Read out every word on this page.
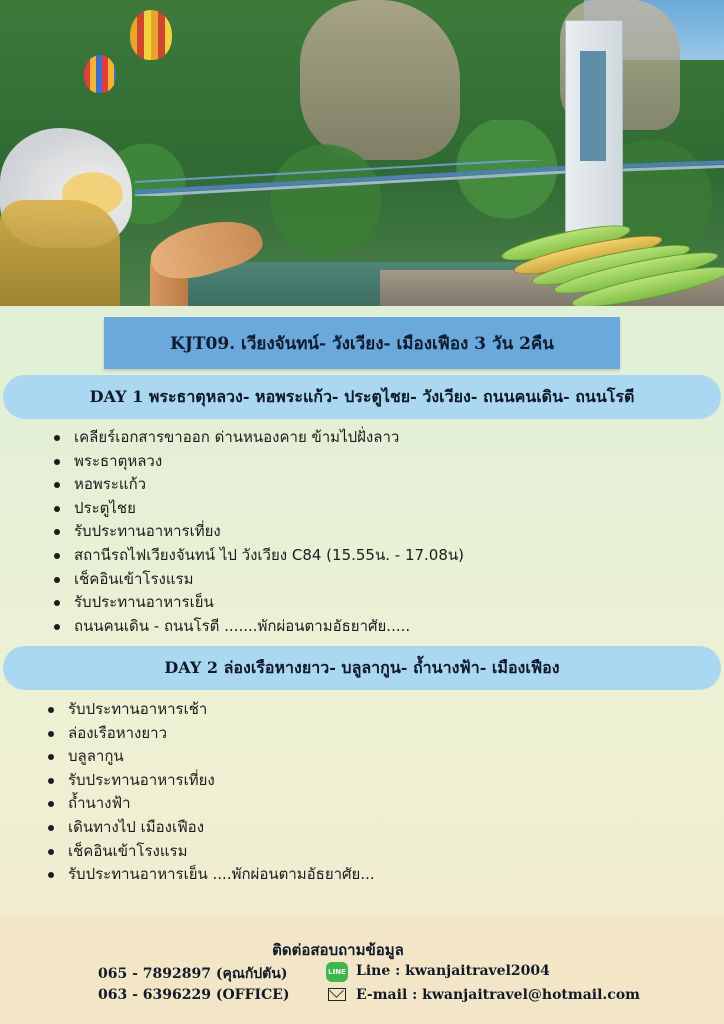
KJT09. เวียงจันทน์- วังเวียง- เมืองเฟือง 3 วัน 2คืน
DAY 1 พระธาตุหลวง- หอพระแก้ว- ประตูไชย- วังเวียง- ถนนคนเดิน- ถนนโรตี
เคลียร์เอกสารขาออก ด่านหนองคาย ข้ามไปฝั่งลาว
พระธาตุหลวง
หอพระแก้ว
ประตูไชย
รับประทานอาหารเที่ยง
สถานีรถไฟเวียงจันทน์ ไป วังเวียง C84 (15.55น. - 17.08น)
เช็คอินเข้าโรงแรม
รับประทานอาหารเย็น
ถนนคนเดิน - ถนนโรตี .......พักผ่อนตามอัธยาศัย.....
DAY 2 ล่องเรือหางยาว- บลูลากูน- ถ้ำนางฟ้า- เมืองเฟือง
รับประทานอาหารเช้า
ล่องเรือหางยาว
บลูลากูน
รับประทานอาหารเที่ยง
ถ้ำนางฟ้า
เดินทางไป เมืองเฟือง
เช็คอินเข้าโรงแรม
รับประทานอาหารเย็น ....พักผ่อนตามอัธยาศัย...
ติดต่อสอบถามข้อมูล
065 - 7892897 (คุณกัปตัน)
063 - 6396229 (OFFICE)
LINE Line : kwanjaitravel2004
E-mail : kwanjaitravel@hotmail.com
